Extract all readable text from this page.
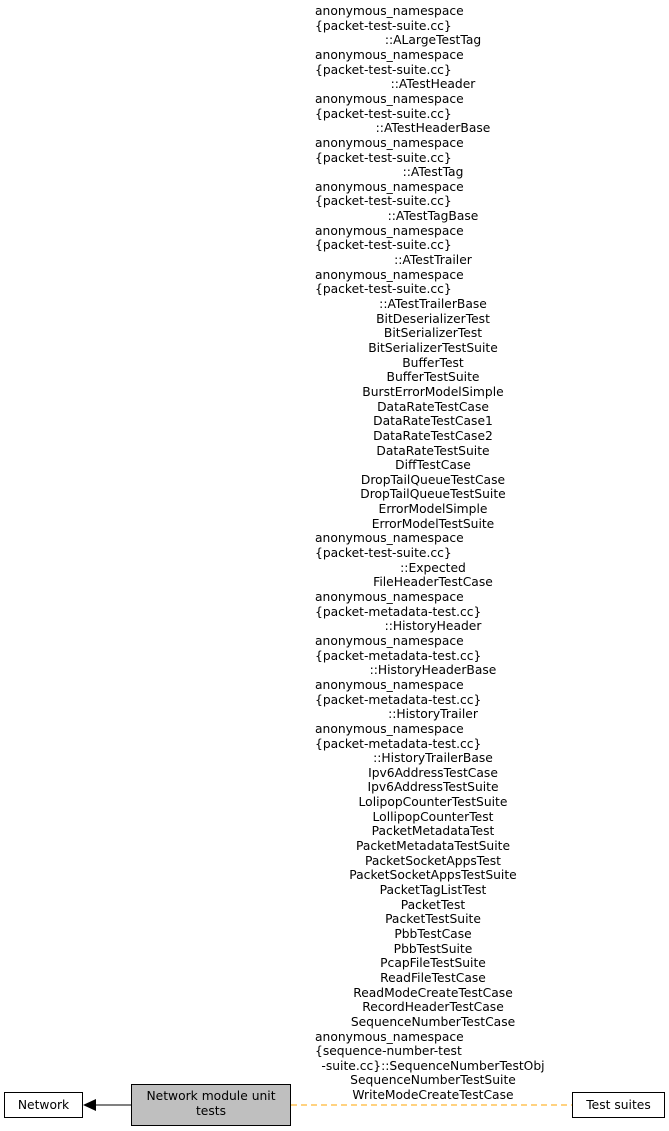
anonymous_namespace
{packet-test-suite.cc}
::ALargeTestTag
anonymous_namespace
{packet-test-suite.cc}
::ATestHeader
anonymous_namespace
{packet-test-suite.cc}
::ATestHeaderBase
anonymous_namespace
{packet-test-suite.cc}
::ATestTag
anonymous_namespace
{packet-test-suite.cc}
::ATestTagBase
anonymous_namespace
{packet-test-suite.cc}
::ATestTrailer
anonymous_namespace
{packet-test-suite.cc}
::ATestTrailerBase
BitDeserializerTest
BitSerializerTest
BitSerializerTestSuite
BufferTest
BufferTestSuite
BurstErrorModelSimple
DataRateTestCase
DataRateTestCase1
DataRateTestCase2
DataRateTestSuite
DiffTestCase
DropTailQueueTestCase
DropTailQueueTestSuite
ErrorModelSimple
ErrorModelTestSuite
anonymous_namespace
{packet-test-suite.cc}
::Expected
FileHeaderTestCase
anonymous_namespace
{packet-metadata-test.cc}
::HistoryHeader
anonymous_namespace
{packet-metadata-test.cc}
::HistoryHeaderBase
anonymous_namespace
{packet-metadata-test.cc}
::HistoryTrailer
anonymous_namespace
{packet-metadata-test.cc}
::HistoryTrailerBase
Ipv6AddressTestCase
Ipv6AddressTestSuite
LolipopCounterTestSuite
LollipopCounterTest
PacketMetadataTest
PacketMetadataTestSuite
PacketSocketAppsTest
PacketSocketAppsTestSuite
PacketTagListTest
PacketTest
PacketTestSuite
PbbTestCase
PbbTestSuite
PcapFileTestSuite
ReadFileTestCase
ReadModeCreateTestCase
RecordHeaderTestCase
SequenceNumberTestCase
anonymous_namespace
{sequence-number-test
-suite.cc}::SequenceNumberTestObj
SequenceNumberTestSuite
WriteModeCreateTestCase
Network
Network module unit
tests	Test suites
